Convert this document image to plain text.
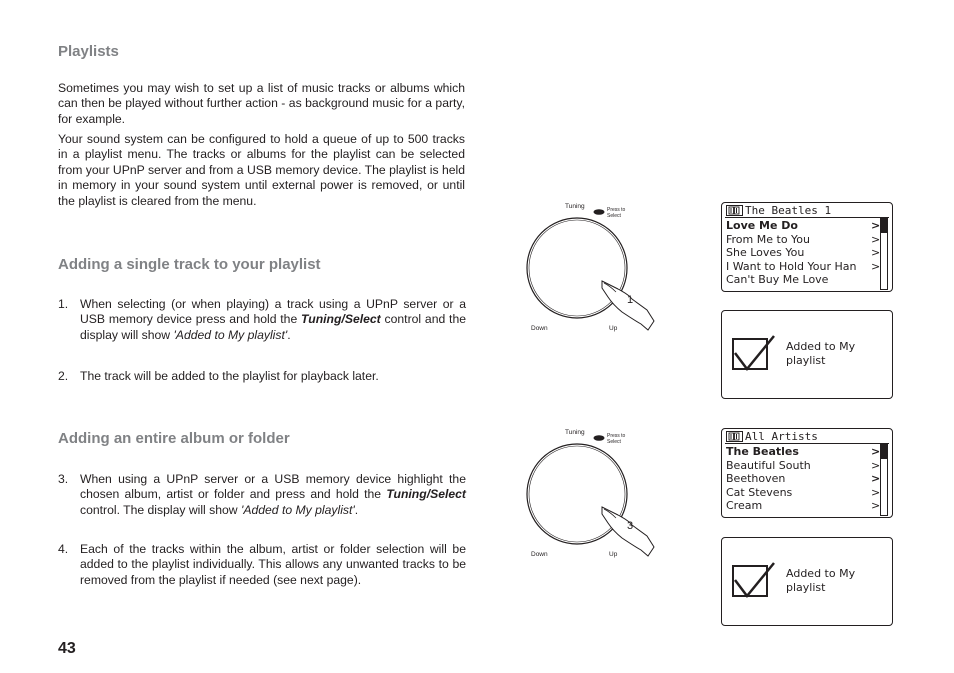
Playlists

Sometimes you may wish to set up a list of music tracks or albums which can then be played without further action - as background music for a party, for example.

Your sound system can be configured to hold a queue of up to 500 tracks in a playlist menu. The tracks or albums for the playlist can be selected from your UPnP server and from a USB memory device. The playlist is held in memory in your sound system until external power is removed, or until the playlist is cleared from the menu.

Adding a single track to your playlist
1. When selecting (or when playing) a track using a UPnP server or a USB memory device press and hold the Tuning/Select control and the display will show 'Added to My playlist'.
2. The track will be added to the playlist for playback later.
Adding an entire album or folder
3. When using a UPnP server or a USB memory device highlight the chosen album, artist or folder and press and hold the Tuning/Select control. The display will show 'Added to My playlist'.
4. Each of the tracks within the album, artist or folder selection will be added to the playlist individually. This allows any unwanted tracks to be removed from the playlist if needed (see next page).
43
Tuning	Press to
Select
Down	Up
1
Tuning	Press to
Select
Down	Up
3
The Beatles 1
Love Me Do
From Me to You
She Loves You
I Want to Hold Your Han
Can't Buy Me Love
>
>
>
>
Added to My
playlist
All Artists
The Beatles
Beautiful South
Beethoven
Cat Stevens
Cream
>
>
>
>
>
Added to My
playlist
